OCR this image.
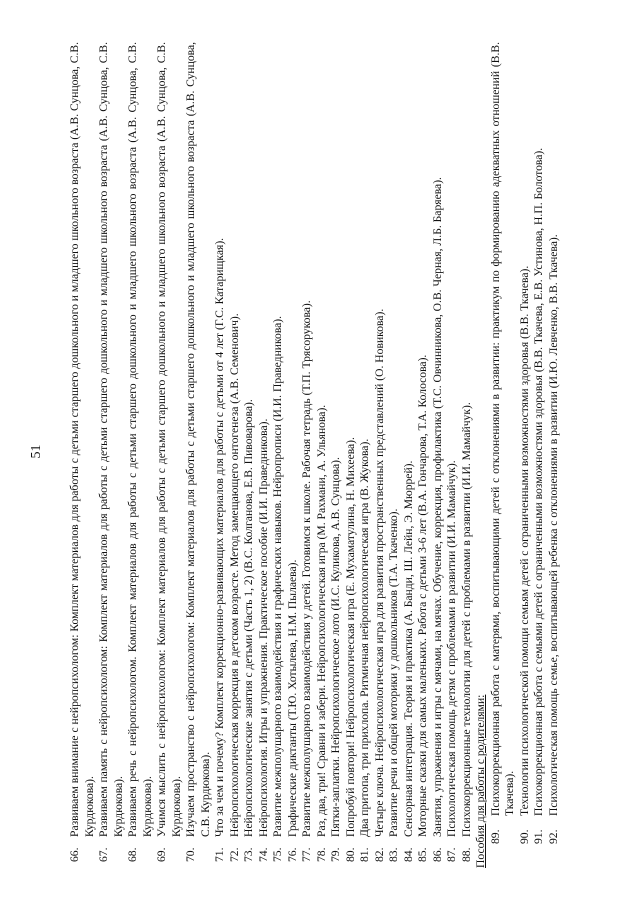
51
66.
Развиваем внимание с нейропсихологом: Комплект материалов для работы с детьми старшего дошкольного и младшего школьного возраста (А.В. Сунцова, С.В. Курдюкова).
67.
Развиваем память с нейропсихологом: Комплект материалов для работы с детьми старшего дошкольного и младшего школьного возраста (А.В. Сунцова, С.В. Курдюкова).
68.
Развиваем речь с нейропсихологом. Комплект материалов для работы с детьми старшего дошкольного и младшего школьного возраста (А.В. Сунцова, С.В. Курдюкова).
69.
Учимся мыслить с нейропсихологом: Комплект материалов для работы с детьми старшего дошкольного и младшего школьного возраста (А.В. Сунцова, С.В. Курдюкова).
70.
Изучаем пространство с нейропсихологом: Комплект материалов для работы с детьми старшего дошкольного и младшего школьного возраста (А.В. Сунцова, С.В. Курдюкова).
71.
Что за чем и почему? Комплект коррекционно-развивающих материалов для работы с детьми от 4 лет (Г.С. Катарищкая).
72.
Нейропсихологическая коррекция в детском возрасте. Метод замещающего онтогенеза (А.В. Семенович).
73.
Нейропсихологические занятия с детьми (Часть 1, 2) (В.С. Колганова, Е.В. Пивоварова).
74.
Нейропсихология. Игры и упражнения. Практическое пособие (И.И. Праведникова).
75.
Развитие межполушарного взаимодействия и графических навыков. Нейропрописи (И.И. Праведникова).
76.
Графические диктанты (Т.Ю. Хотылева, Н.М. Пылаева).
77.
Развитие межполушарного взаимодействия у детей. Готовимся к школе. Рабочая тетрадь (Т.П. Трясорукова).
78.
Раз, два, три! Сравни и забери. Нейропсихологическая игра (М. Рахмани, А. Ульянова).
79.
Пятки-заплатки. Нейропсихологическое лото (И.С. Куликова, А.В. Сунцова).
80.
Попробуй повтори! Нейропсихологическая игра (Е. Мухаматулина, Н. Михеева).
81.
Два притопа, три прихлопа. Ритмичная нейропсихологическая игра (В. Жукова).
82.
Четыре ключа. Нейропсихологическая игра для развития пространственных представлений (О. Новикова).
83.
Развитие речи и общей моторики у дошкольников (Т.А. Ткаченко).
84.
Сенсорная интеграция. Теория и практика (А. Банди, Ш. Лейн, Э. Мюррей).
85.
Моторные сказки для самых маленьких. Работа с детьми 3-6 лет (В.А. Гончарова, Т.А. Колосова).
86.
Занятия, упражнения и игры с мячами, на мячах. Обучение, коррекция, профилактика (Т.С. Овчинникова, О.В. Черная, Л.Б. Баряева).
87.
Психологическая помощь детям с проблемами в развитии (И.И. Мамайчук).
88.
Психокоррекционные технологии для детей с проблемами в развитии (И.И. Мамайчук). Пособия для работы с родителями: 89.
Психокоррекционная работа с матерями, воспитывающими детей с отклонениями в развитии: практикум по формированию адекватных отношений (В.В. Ткачева).
90.
Технологии психологической помощи семьям детей с ограниченными возможностями здоровья (В.В. Ткачева).
91.
Психокоррекционная работа с семьями детей с ограниченными возможностями здоровья (В.В. Ткачева, Е.В. Устинова, Н.П. Болотова).
92.
Психологическая помощь семье, воспитывающей ребенка с отклонениями в развитии (И.Ю. Левченко, В.В. Ткачева).
